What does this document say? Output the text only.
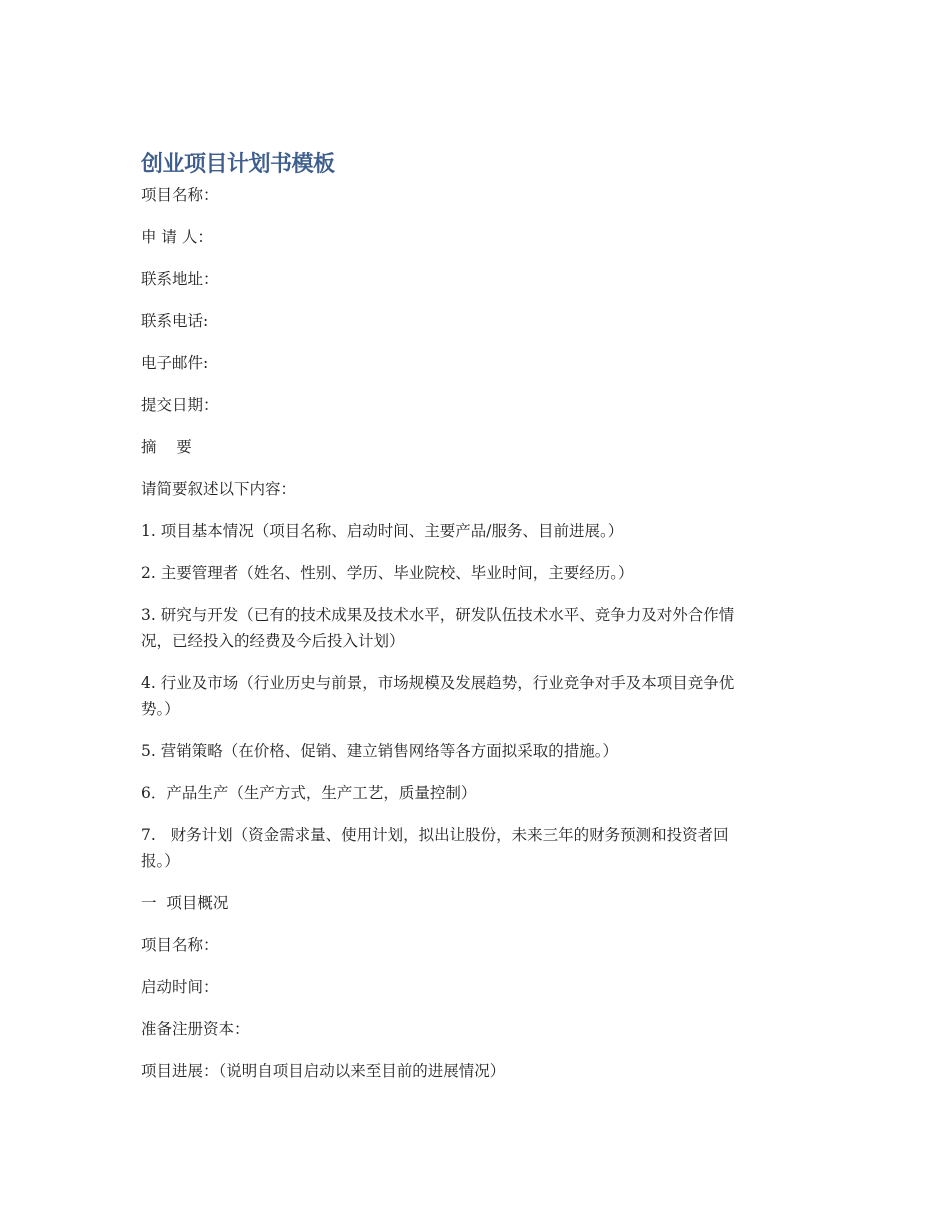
创业项目计划书模板

项目名称：

申 请 人：

联系地址：

联系电话:

电子邮件:

提交日期：

摘    要

请简要叙述以下内容：

1. 项目基本情况（项目名称、启动时间、主要产品/服务、目前进展。）
2. 主要管理者（姓名、性别、学历、毕业院校、毕业时间，主要经历。）
3. 研究与开发（已有的技术成果及技术水平，研发队伍技术水平、竞争力及对外合作情
况，已经投入的经费及今后投入计划）
4. 行业及市场（行业历史与前景，市场规模及发展趋势，行业竞争对手及本项目竞争优
势。）
5. 营销策略（在价格、促销、建立销售网络等各方面拟采取的措施。）
6．产品生产（生产方式，生产工艺，质量控制）
7.   财务计划（资金需求量、使用计划，拟出让股份，未来三年的财务预测和投资者回
报。）

一  项目概况

项目名称：

启动时间：

准备注册资本：

项目进展：（说明自项目启动以来至目前的进展情况）
